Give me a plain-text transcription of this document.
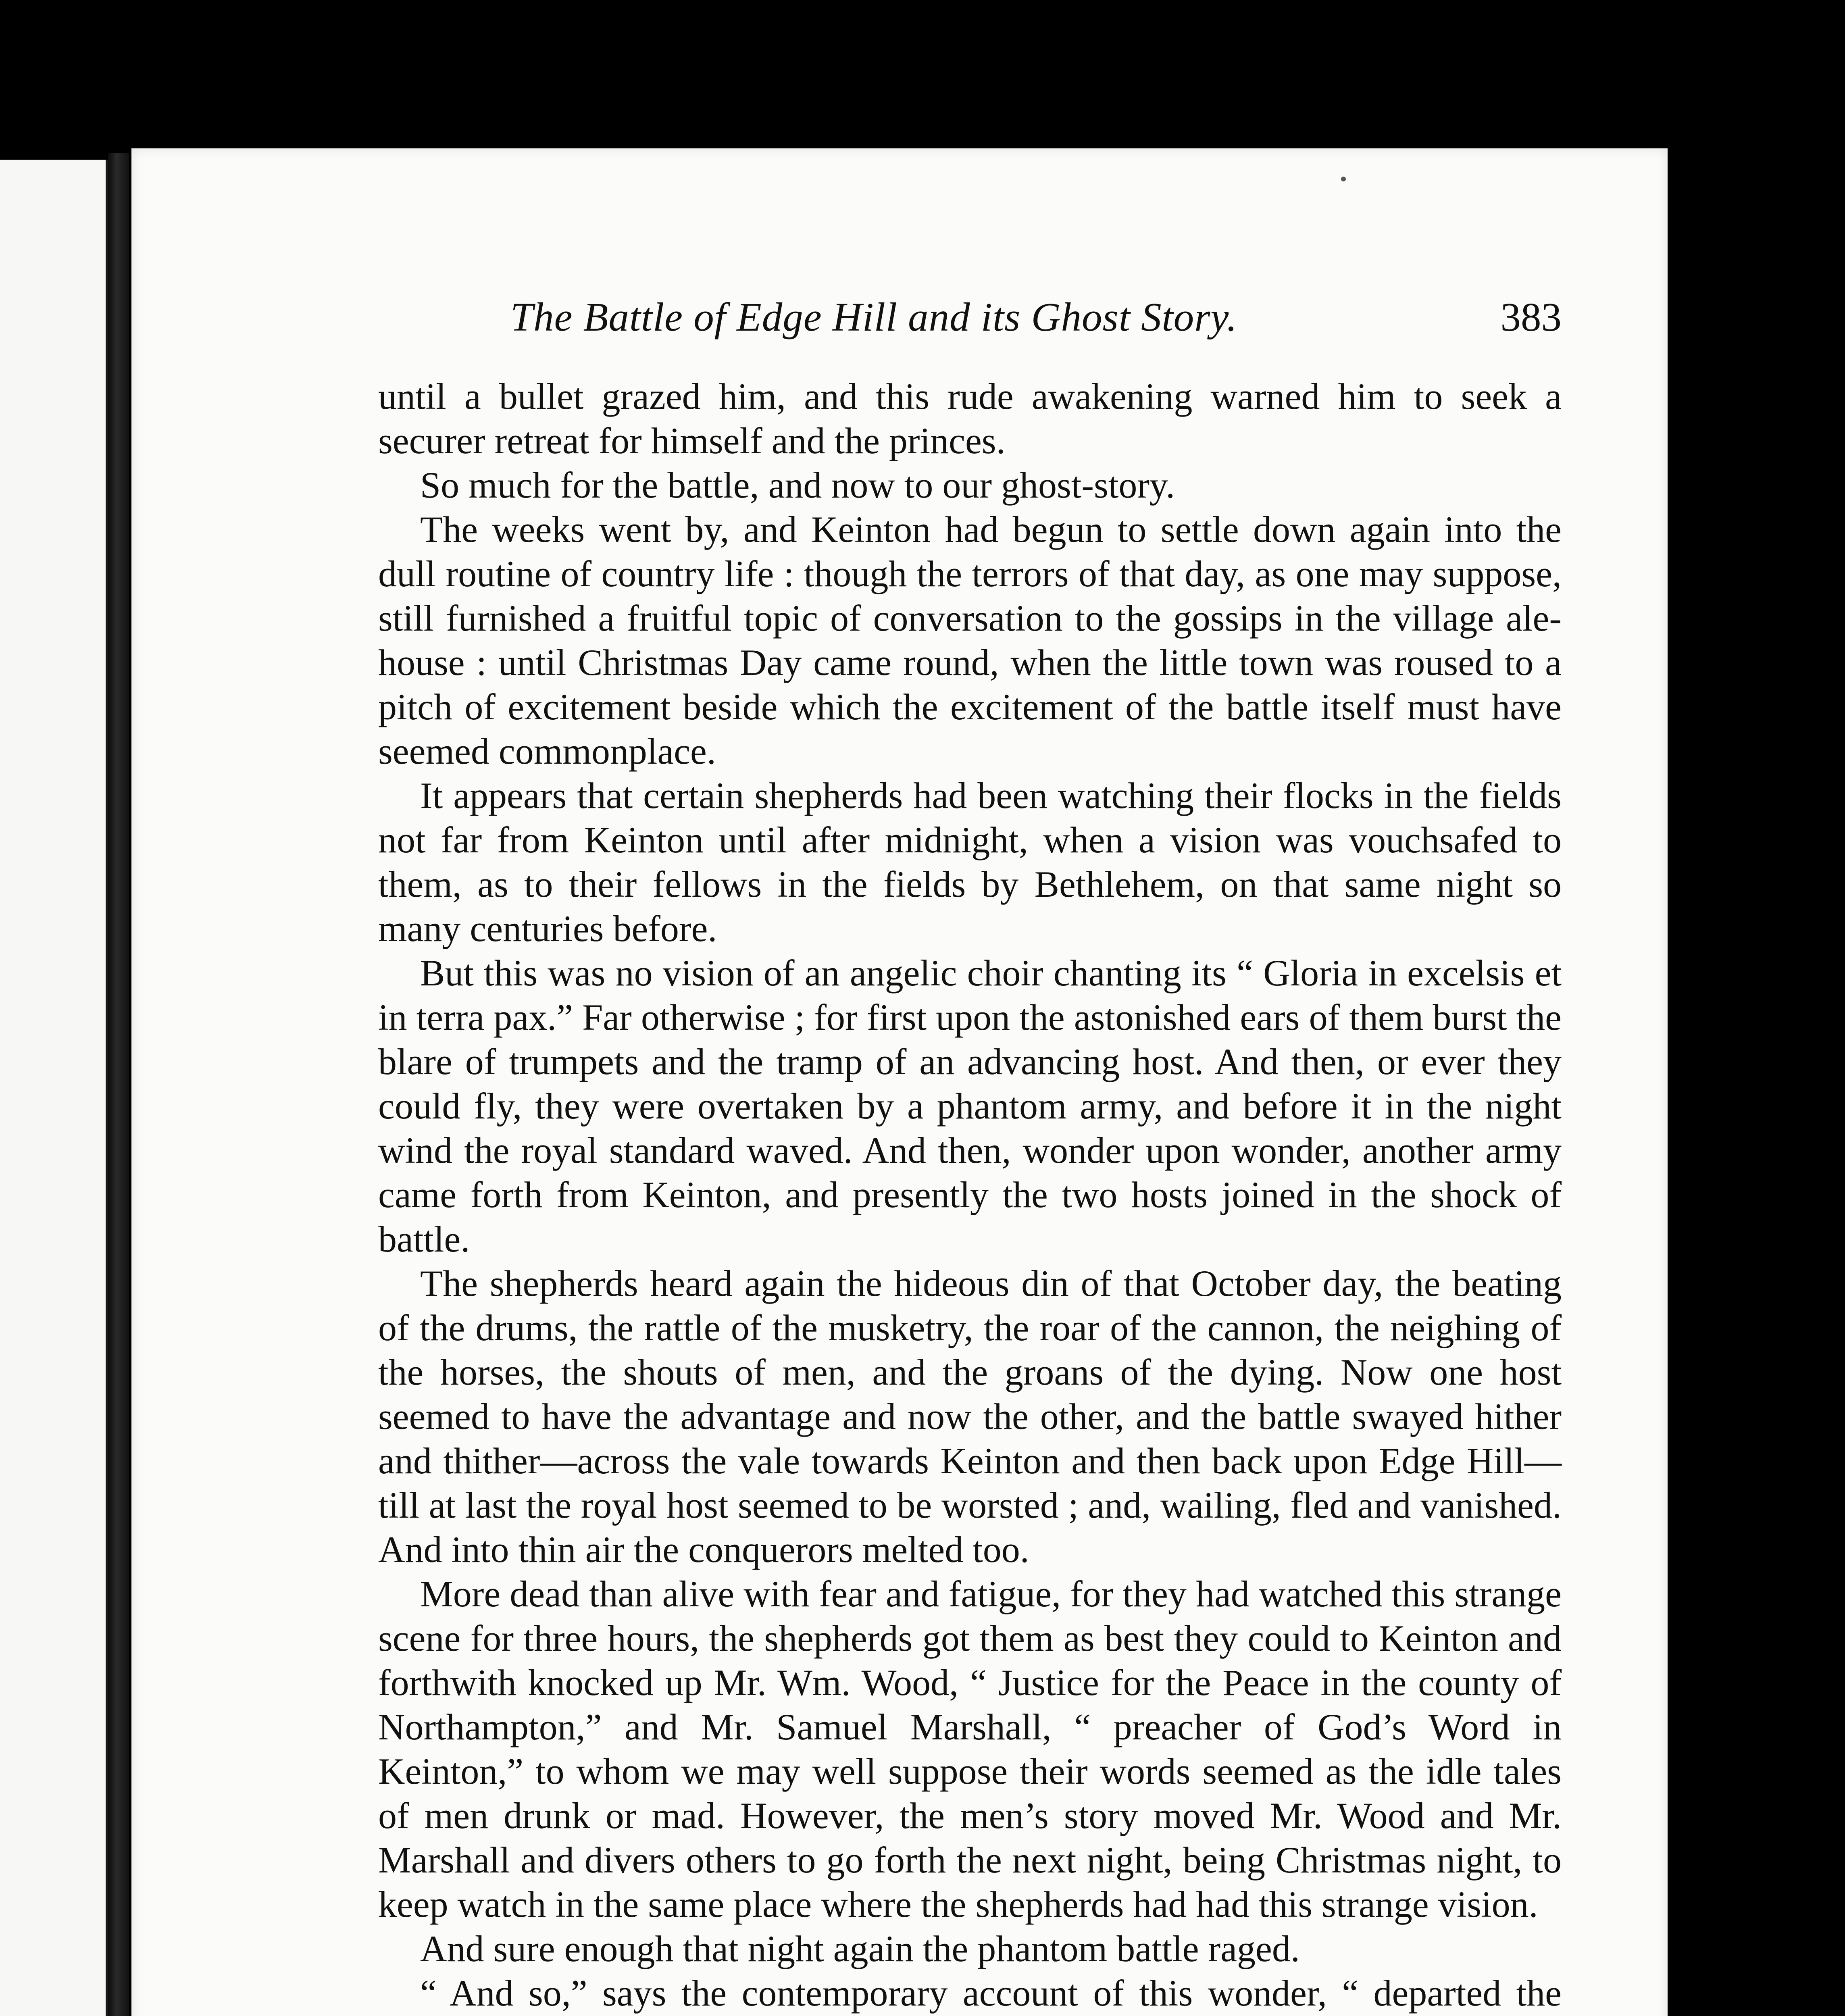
The Battle of Edge Hill and its Ghost Story.	383

until a bullet grazed him, and this rude awakening warned him to seek a securer retreat for himself and the princes.

So much for the battle, and now to our ghost-story.

The weeks went by, and Keinton had begun to settle down again into the dull routine of country life : though the terrors of that day, as one may suppose, still furnished a fruitful topic of conversation to the gossips in the village ale-house : until Christmas Day came round, when the little town was roused to a pitch of excitement beside which the excitement of the battle itself must have seemed commonplace.

It appears that certain shepherds had been watching their flocks in the fields not far from Keinton until after midnight, when a vision was vouchsafed to them, as to their fellows in the fields by Bethlehem, on that same night so many centuries before.

But this was no vision of an angelic choir chanting its “ Gloria in excelsis et in terra pax.” Far otherwise ; for first upon the astonished ears of them burst the blare of trumpets and the tramp of an advancing host. And then, or ever they could fly, they were overtaken by a phantom army, and before it in the night wind the royal standard waved. And then, wonder upon wonder, another army came forth from Keinton, and presently the two hosts joined in the shock of battle.

The shepherds heard again the hideous din of that October day, the beating of the drums, the rattle of the musketry, the roar of the cannon, the neighing of the horses, the shouts of men, and the groans of the dying. Now one host seemed to have the advantage and now the other, and the battle swayed hither and thither—across the vale towards Keinton and then back upon Edge Hill—till at last the royal host seemed to be worsted ; and, wailing, fled and vanished. And into thin air the conquerors melted too.

More dead than alive with fear and fatigue, for they had watched this strange scene for three hours, the shepherds got them as best they could to Keinton and forthwith knocked up Mr. Wm. Wood, “ Justice for the Peace in the county of Northampton,” and Mr. Samuel Marshall, “ preacher of God’s Word in Keinton,” to whom we may well suppose their words seemed as the idle tales of men drunk or mad. However, the men’s story moved Mr. Wood and Mr. Marshall and divers others to go forth the next night, being Christmas night, to keep watch in the same place where the shepherds had had this strange vision.

And sure enough that night again the phantom battle raged.

“ And so,” says the contemporary account of this wonder, “ departed the
